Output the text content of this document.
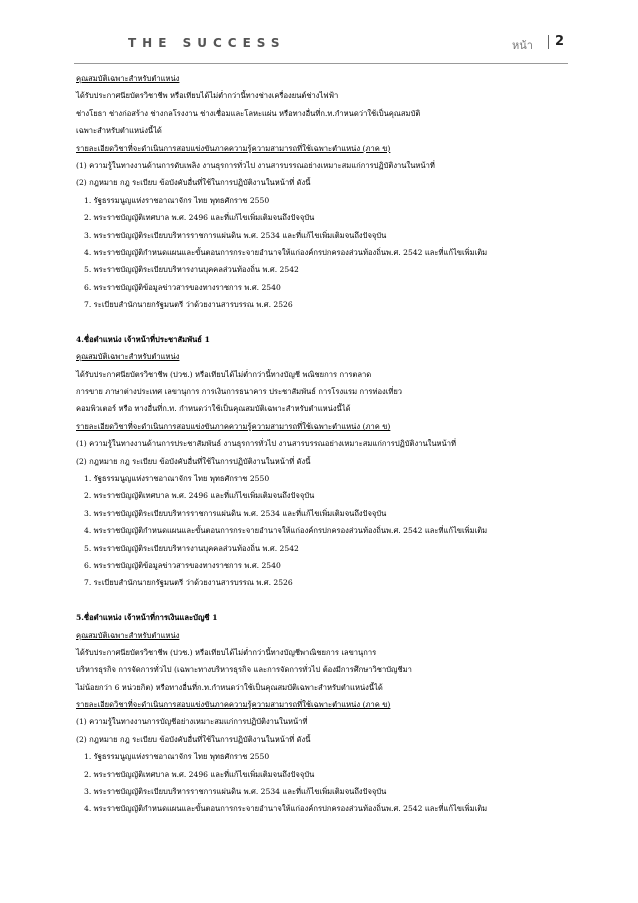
THE SUCCESS	หน้า 2
คุณสมบัติเฉพาะสำหรับตำแหน่ง
ได้รับประกาศนียบัตรวิชาชีพ หรือเทียบได้ไม่ต่ำกว่านี้ทางช่างเครื่องยนต์ช่างไฟฟ้า
ช่างโยธา ช่างก่อสร้าง ช่างกลโรงงาน ช่างเชื่อมและโลหะแผ่น หรือทางอื่นที่ก.ท.กำหนดว่าใช้เป็นคุณสมบัติ
เฉพาะสำหรับตำแหน่งนี้ได้
รายละเอียดวิชาที่จะดำเนินการสอบแข่งขันภาคความรู้ความสามารถที่ใช้เฉพาะตำแหน่ง (ภาค ข)
(1) ความรู้ในทางงานด้านการดับเพลิง งานธุรการทั่วไป งานสารบรรณอย่างเหมาะสมแก่การปฏิบัติงานในหน้าที่
(2) กฎหมาย กฎ ระเบียบ ข้อบังคับอื่นที่ใช้ในการปฏิบัติงานในหน้าที่ ดังนี้
1. รัฐธรรมนูญแห่งราชอาณาจักร ไทย พุทธศักราช 2550
2. พระราชบัญญัติเทศบาล พ.ศ. 2496 และที่แก้ไขเพิ่มเติมจนถึงปัจจุบัน
3. พระราชบัญญัติระเบียบบริหารราชการแผ่นดิน พ.ศ. 2534 และที่แก้ไขเพิ่มเติมจนถึงปัจจุบัน
4. พระราชบัญญัติกำหนดแผนและขั้นตอนการกระจายอำนาจให้แก่องค์กรปกครองส่วนท้องถิ่นพ.ศ. 2542 และที่แก้ไขเพิ่มเติม
5. พระราชบัญญัติระเบียบบริหารงานบุคคลส่วนท้องถิ่น พ.ศ. 2542
6. พระราชบัญญัติข้อมูลข่าวสารของทางราชการ พ.ศ. 2540
7. ระเบียบสำนักนายกรัฐมนตรี ว่าด้วยงานสารบรรณ พ.ศ. 2526
4.ชื่อตำแหน่ง เจ้าหน้าที่ประชาสัมพันธ์ 1
คุณสมบัติเฉพาะสำหรับตำแหน่ง
ได้รับประกาศนียบัตรวิชาชีพ (ปวช.) หรือเทียบได้ไม่ต่ำกว่านี้ทางบัญชี พณิชยการ การตลาด
การขาย ภาษาต่างประเทศ เลขานุการ การเงินการธนาคาร ประชาสัมพันธ์ การโรงแรม การท่องเที่ยว
คอมพิวเตอร์ หรือ ทางอื่นที่ก.ท. กำหนดว่าใช้เป็นคุณสมบัติเฉพาะสำหรับตำแหน่งนี้ได้
รายละเอียดวิชาที่จะดำเนินการสอบแข่งขันภาคความรู้ความสามารถที่ใช้เฉพาะตำแหน่ง (ภาค ข)
(1) ความรู้ในทางงานด้านการประชาสัมพันธ์ งานธุรการทั่วไป งานสารบรรณอย่างเหมาะสมแก่การปฏิบัติงานในหน้าที่
(2) กฎหมาย กฎ ระเบียบ ข้อบังคับอื่นที่ใช้ในการปฏิบัติงานในหน้าที่ ดังนี้
1. รัฐธรรมนูญแห่งราชอาณาจักร ไทย พุทธศักราช 2550
2. พระราชบัญญัติเทศบาล พ.ศ. 2496 และที่แก้ไขเพิ่มเติมจนถึงปัจจุบัน
3. พระราชบัญญัติระเบียบบริหารราชการแผ่นดิน พ.ศ. 2534 และที่แก้ไขเพิ่มเติมจนถึงปัจจุบัน
4. พระราชบัญญัติกำหนดแผนและขั้นตอนการกระจายอำนาจให้แก่องค์กรปกครองส่วนท้องถิ่นพ.ศ. 2542 และที่แก้ไขเพิ่มเติม
5. พระราชบัญญัติระเบียบบริหารงานบุคคลส่วนท้องถิ่น พ.ศ. 2542
6. พระราชบัญญัติข้อมูลข่าวสารของทางราชการ พ.ศ. 2540
7. ระเบียบสำนักนายกรัฐมนตรี ว่าด้วยงานสารบรรณ พ.ศ. 2526
5.ชื่อตำแหน่ง เจ้าหน้าที่การเงินและบัญชี 1
คุณสมบัติเฉพาะสำหรับตำแหน่ง
ได้รับประกาศนียบัตรวิชาชีพ (ปวช.) หรือเทียบได้ไม่ต่ำกว่านี้ทางบัญชีพาณิชยการ เลขานุการ
บริหารธุรกิจ การจัดการทั่วไป (เฉพาะทางบริหารธุรกิจ และการจัดการทั่วไป ต้องมีการศึกษาวิชาบัญชีมา
ไม่น้อยกว่า 6 หน่วยกิต) หรือทางอื่นที่ก.ท.กำหนดว่าใช้เป็นคุณสมบัติเฉพาะสำหรับตำแหน่งนี้ได้
รายละเอียดวิชาที่จะดำเนินการสอบแข่งขันภาคความรู้ความสามารถที่ใช้เฉพาะตำแหน่ง (ภาค ข)
(1) ความรู้ในทางงานการบัญชีอย่างเหมาะสมแก่การปฏิบัติงานในหน้าที่
(2) กฎหมาย กฎ ระเบียบ ข้อบังคับอื่นที่ใช้ในการปฏิบัติงานในหน้าที่ ดังนี้
1. รัฐธรรมนูญแห่งราชอาณาจักร ไทย พุทธศักราช 2550
2. พระราชบัญญัติเทศบาล พ.ศ. 2496 และที่แก้ไขเพิ่มเติมจนถึงปัจจุบัน
3. พระราชบัญญัติระเบียบบริหารราชการแผ่นดิน พ.ศ. 2534 และที่แก้ไขเพิ่มเติมจนถึงปัจจุบัน
4. พระราชบัญญัติกำหนดแผนและขั้นตอนการกระจายอำนาจให้แก่องค์กรปกครองส่วนท้องถิ่นพ.ศ. 2542 และที่แก้ไขเพิ่มเติม
